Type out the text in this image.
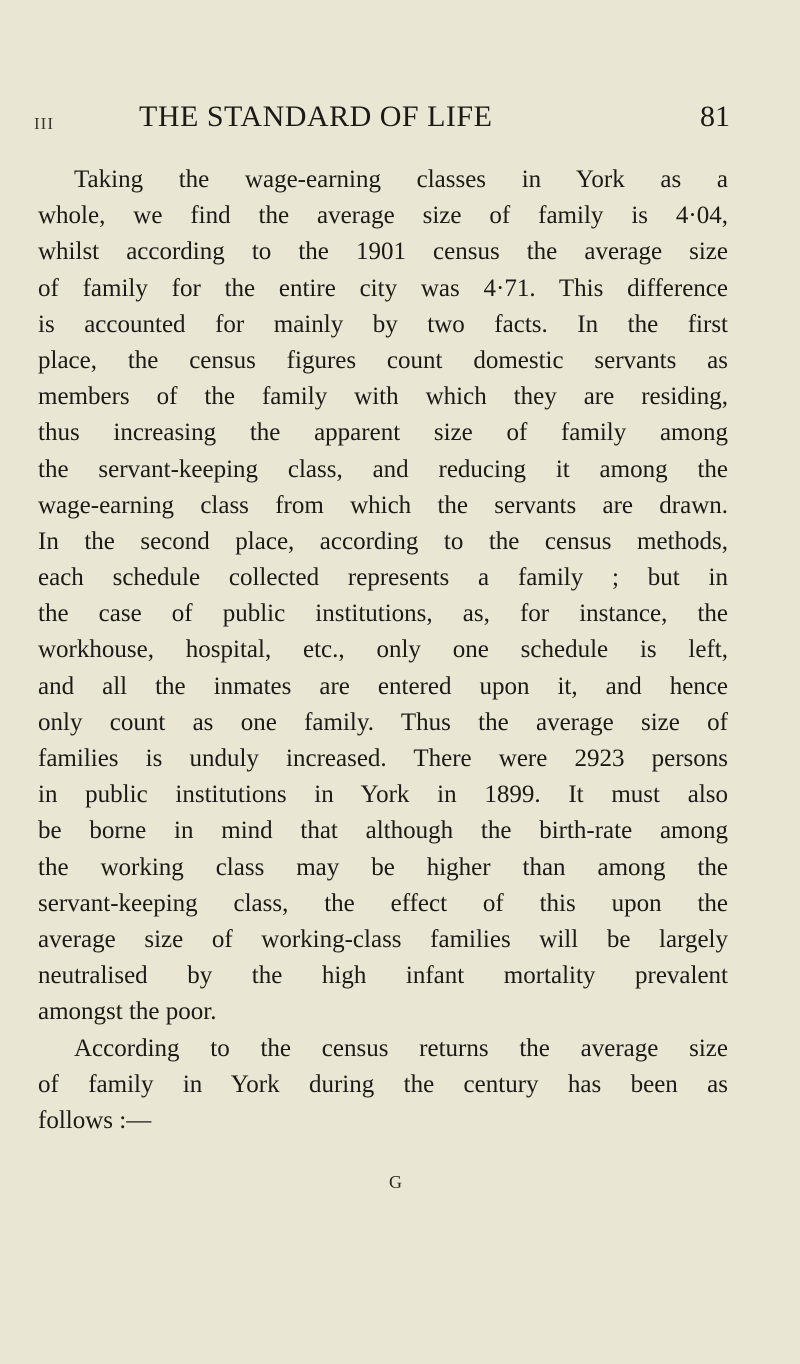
III	THE STANDARD OF LIFE	81
Taking the wage-earning classes in York as a
whole, we find the average size of family is 4·04,
whilst according to the 1901 census the average size
of family for the entire city was 4·71. This difference
is accounted for mainly by two facts. In the first
place, the census figures count domestic servants as
members of the family with which they are residing,
thus increasing the apparent size of family among
the servant-keeping class, and reducing it among the
wage-earning class from which the servants are drawn.
In the second place, according to the census methods,
each schedule collected represents a family ; but in
the case of public institutions, as, for instance, the
workhouse, hospital, etc., only one schedule is left,
and all the inmates are entered upon it, and hence
only count as one family. Thus the average size of
families is unduly increased. There were 2923 persons
in public institutions in York in 1899. It must also
be borne in mind that although the birth-rate among
the working class may be higher than among the
servant-keeping class, the effect of this upon the
average size of working-class families will be largely
neutralised by the high infant mortality prevalent
amongst the poor.
According to the census returns the average size
of family in York during the century has been as
follows :—
G
